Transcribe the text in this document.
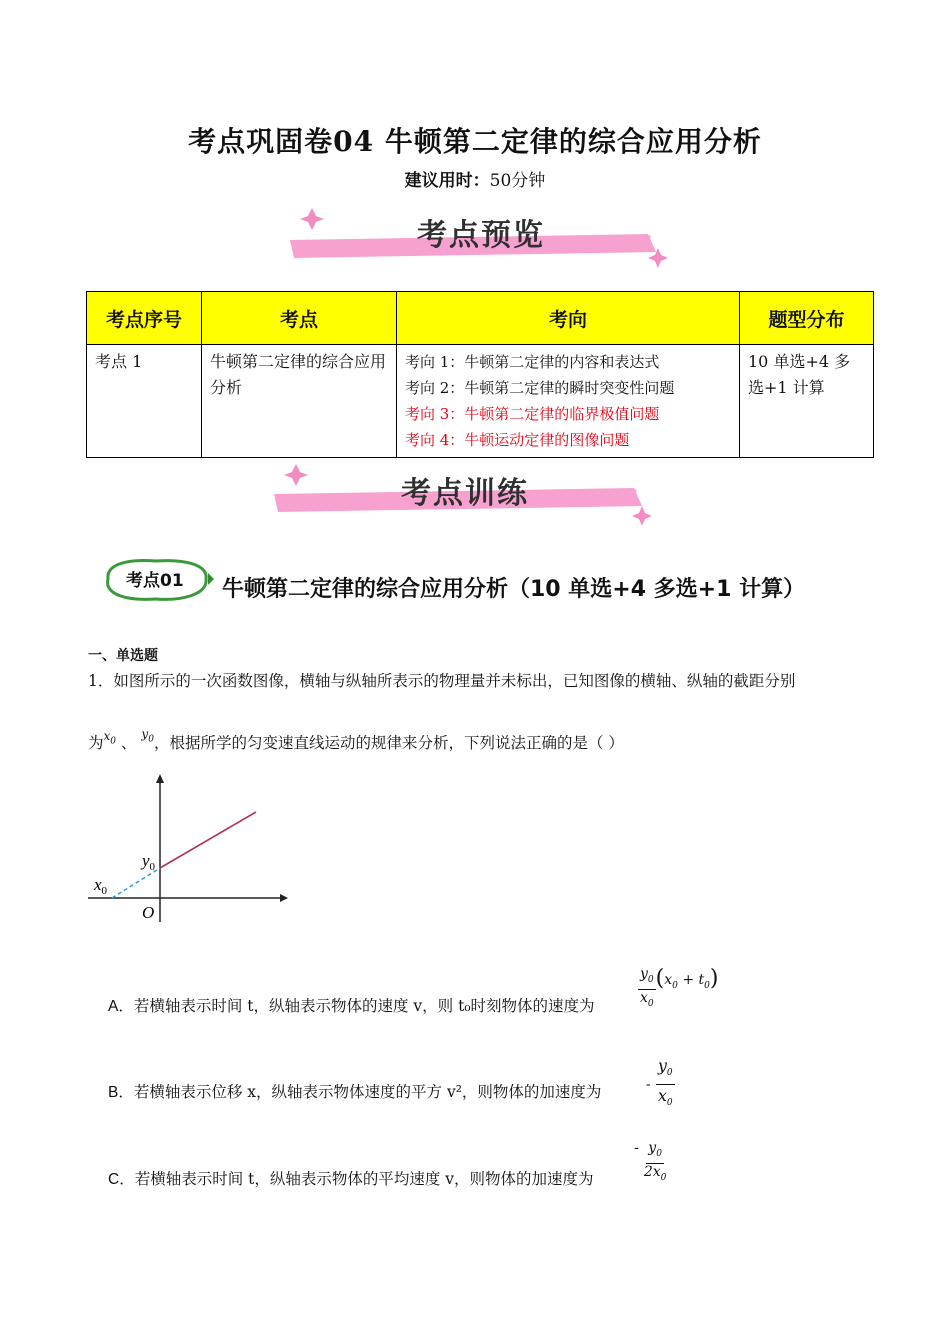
考点巩固卷04 牛顿第二定律的综合应用分析
建议用时：50分钟
考点预览
考点序号	考点	考向	题型分布
考点 1	牛顿第二定律的综合应用分析	考向 1：牛顿第二定律的内容和表达式
考向 2：牛顿第二定律的瞬时突变性问题
考向 3：牛顿第二定律的临界极值问题
考向 4：牛顿运动定律的图像问题	10 单选+4 多选+1 计算
考点训练
考点01 牛顿第二定律的综合应用分析（10 单选+4 多选+1 计算）
一、单选题
1．如图所示的一次函数图像，横轴与纵轴所表示的物理量并未标出，已知图像的横轴、纵轴的截距分别
为$^{x_0}$ 、 $^{y_0}$，根据所学的匀变速直线运动的规律来分析，下列说法正确的是（ ）
$y_0$
$x_0$
O
A．若横轴表示时间 t，纵轴表示物体的速度 v，则 t₀时刻物体的速度为	$\frac{y_0}{x_0} (x_0 + t_0)$
B．若横轴表示位移 x，纵轴表示物体速度的平方 v²，则物体的加速度为	- $\frac{y_0}{x_0}$
C．若横轴表示时间 t，纵轴表示物体的平均速度 v，则物体的加速度为
- $\frac{y_0}{2x_0}$
